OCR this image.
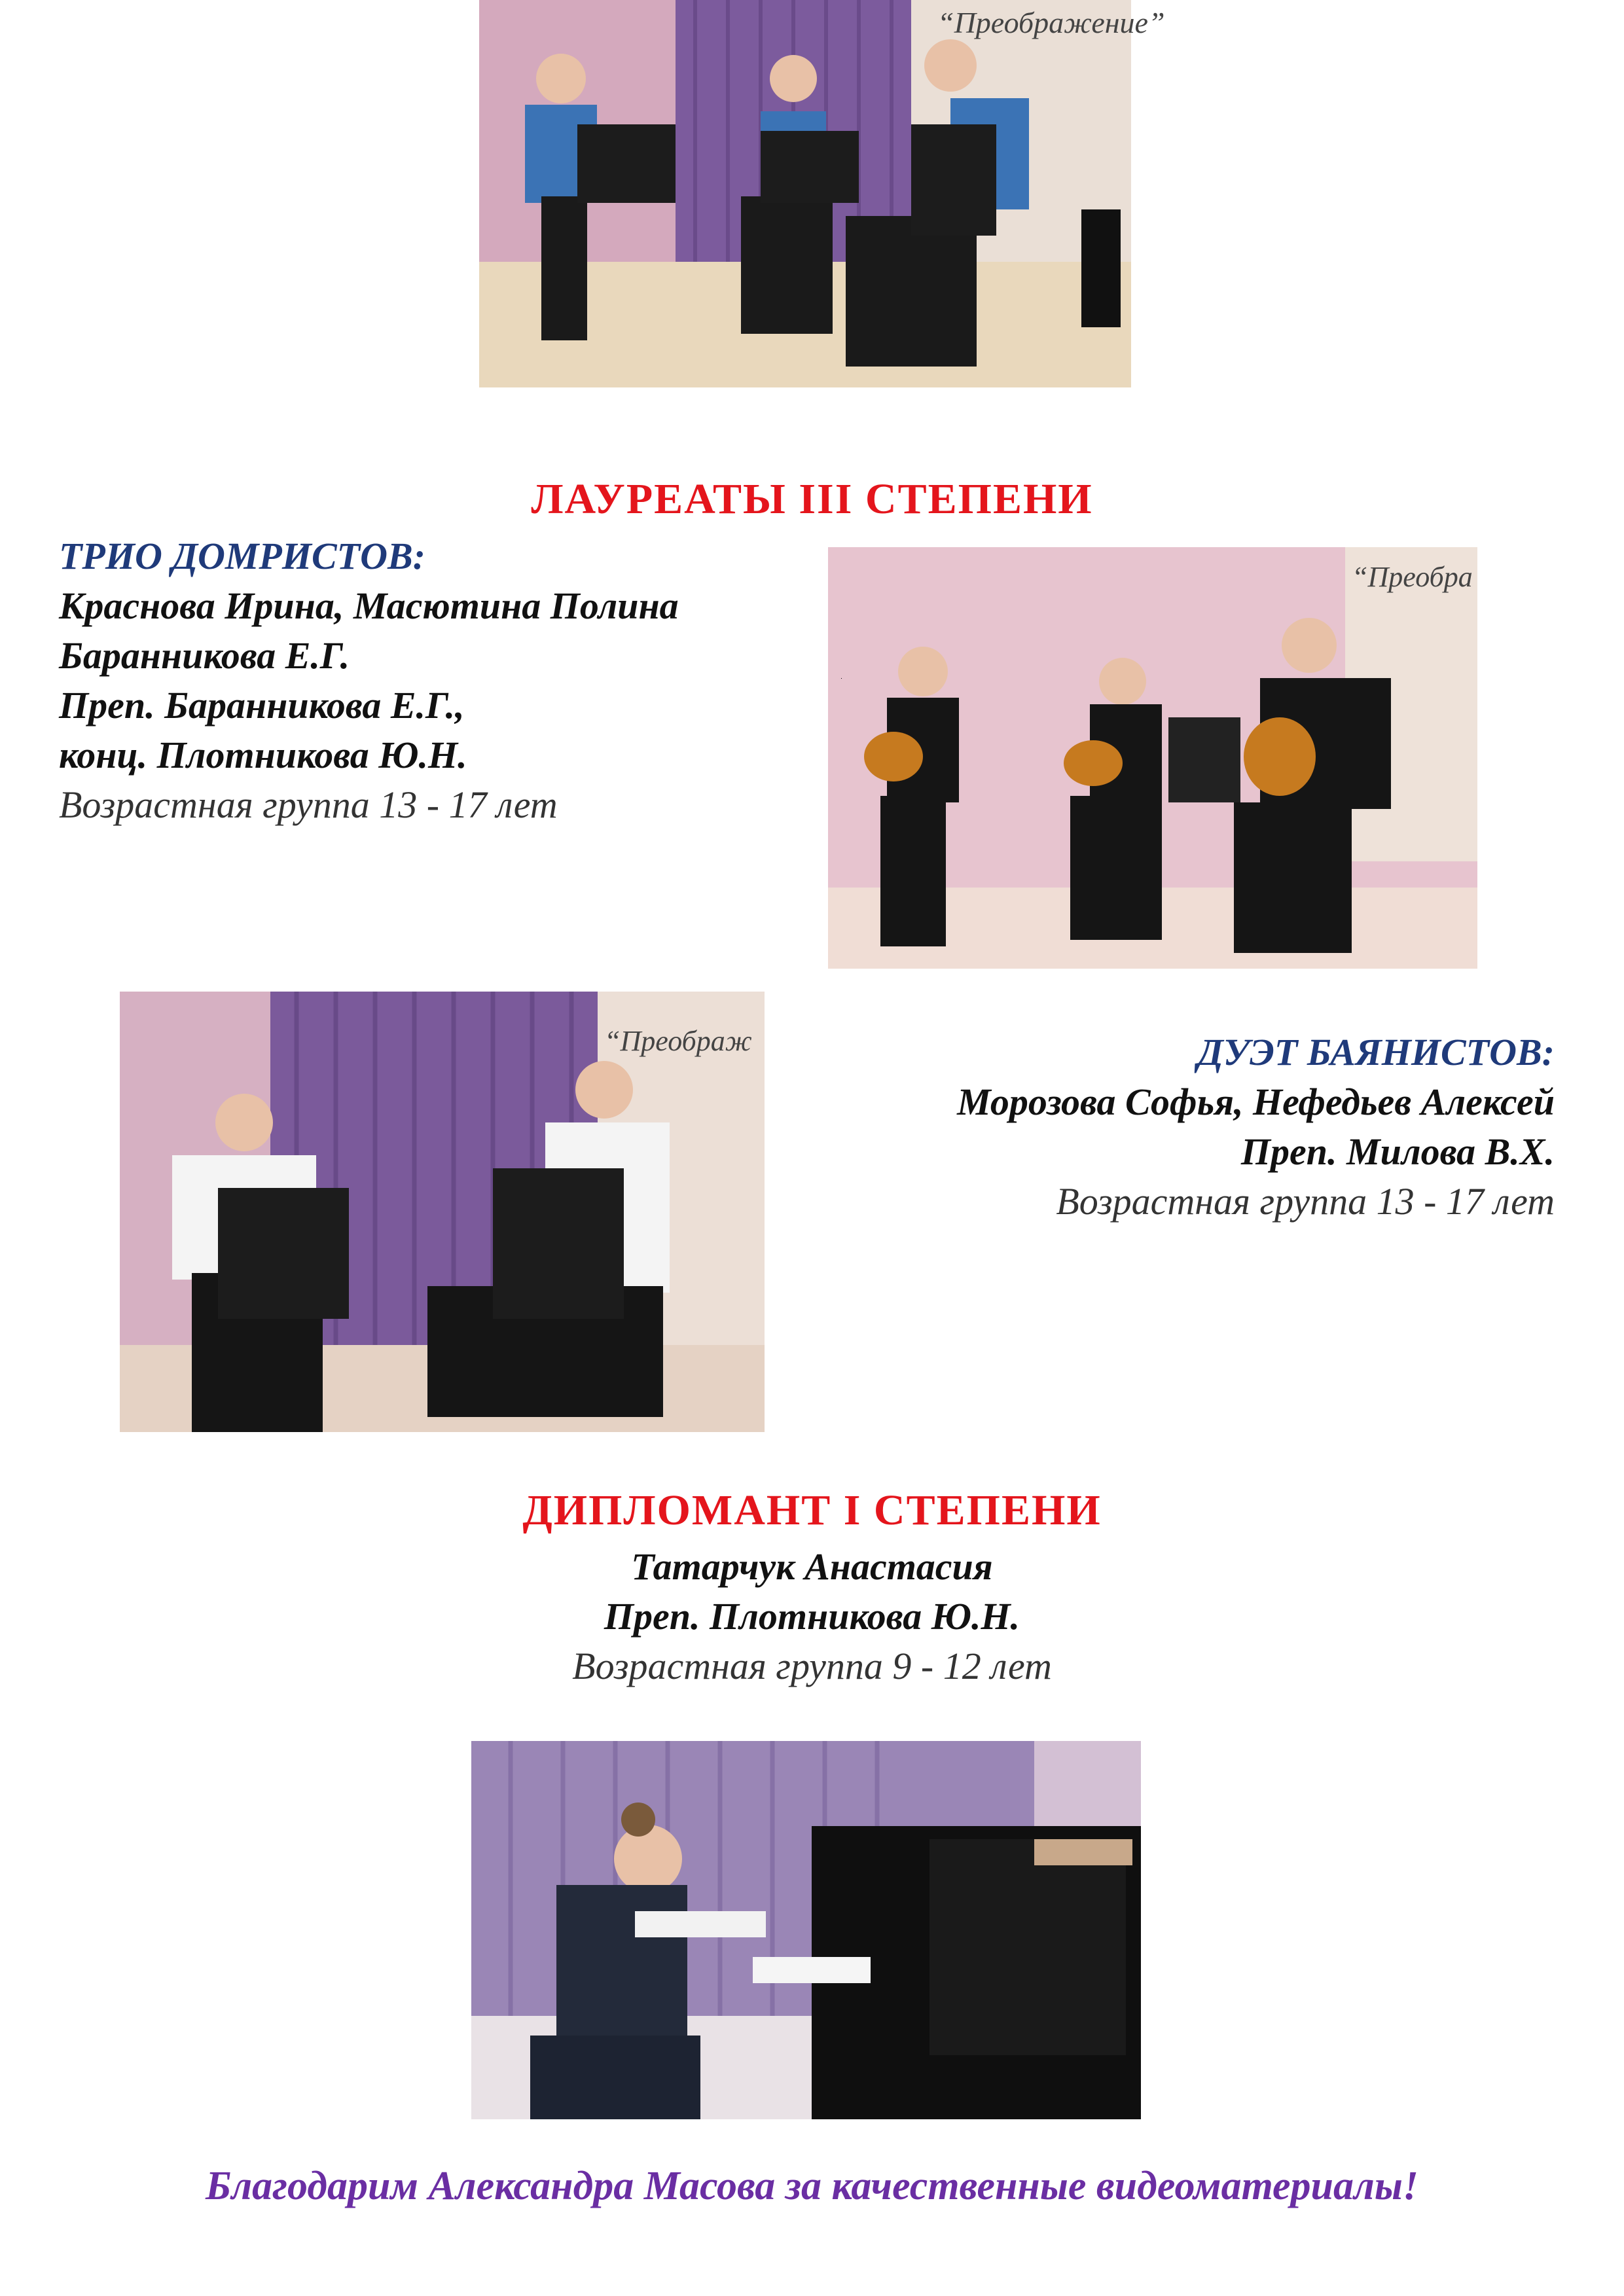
“Преображение”
ЛАУРЕАТЫ III СТЕПЕНИ
ТРИО ДОМРИСТОВ:
Краснова Ирина, Масютина Полина
Баранникова Е.Г.
Преп. Баранникова Е.Г.,
конц. Плотникова Ю.Н.
Возрастная группа 13 - 17 лет
“Преобра
“Преображ	ДУЭТ БАЯНИСТОВ:
Морозова Софья, Нефедьев Алексей
Преп. Милова В.Х.
Возрастная группа 13 - 17 лет
ДИПЛОМАНТ I СТЕПЕНИ
Татарчук Анастасия
Преп. Плотникова Ю.Н.
Возрастная группа 9 - 12 лет
Благодарим Александра Масова за качественные видеоматериалы!
